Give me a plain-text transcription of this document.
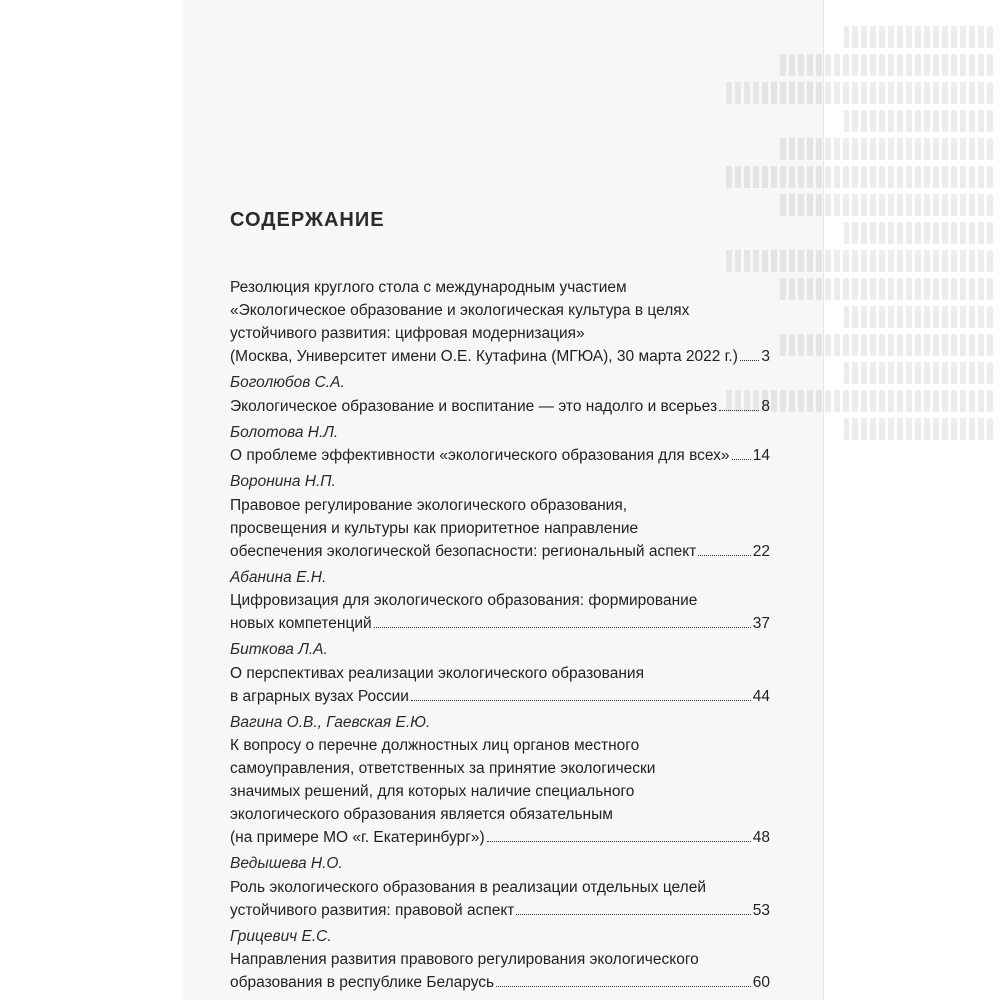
СОДЕРЖАНИЕ
Резолюция круглого стола с международным участием
«Экологическое образование и экологическая культура в целях
устойчивого развития: цифровая модернизация»
(Москва, Университет имени О.Е. Кутафина (МГЮА), 30 марта 2022 г.) 3
Боголюбов С.А.
Экологическое образование и воспитание — это надолго и всерьез	8
Болотова Н.Л.
О проблеме эффективности «экологического образования для всех» 14
Воронина Н.П.
Правовое регулирование экологического образования,
просвещения и культуры как приоритетное направление
обеспечения экологической безопасности: региональный аспект	22
Абанина Е.Н.
Цифровизация для экологического образования: формирование
новых компетенций	37
Биткова Л.А.
О перспективах реализации экологического образования
в аграрных вузах России	44
Вагина О.В., Гаевская Е.Ю.
К вопросу о перечне должностных лиц органов местного
самоуправления, ответственных за принятие экологически
значимых решений, для которых наличие специального
экологического образования является обязательным
(на примере МО «г. Екатеринбург»)	48
Ведышева Н.О.
Роль экологического образования в реализации отдельных целей
устойчивого развития: правовой аспект	53
Грицевич Е.С.
Направления развития правового регулирования экологического
образования в республике Беларусь	60
